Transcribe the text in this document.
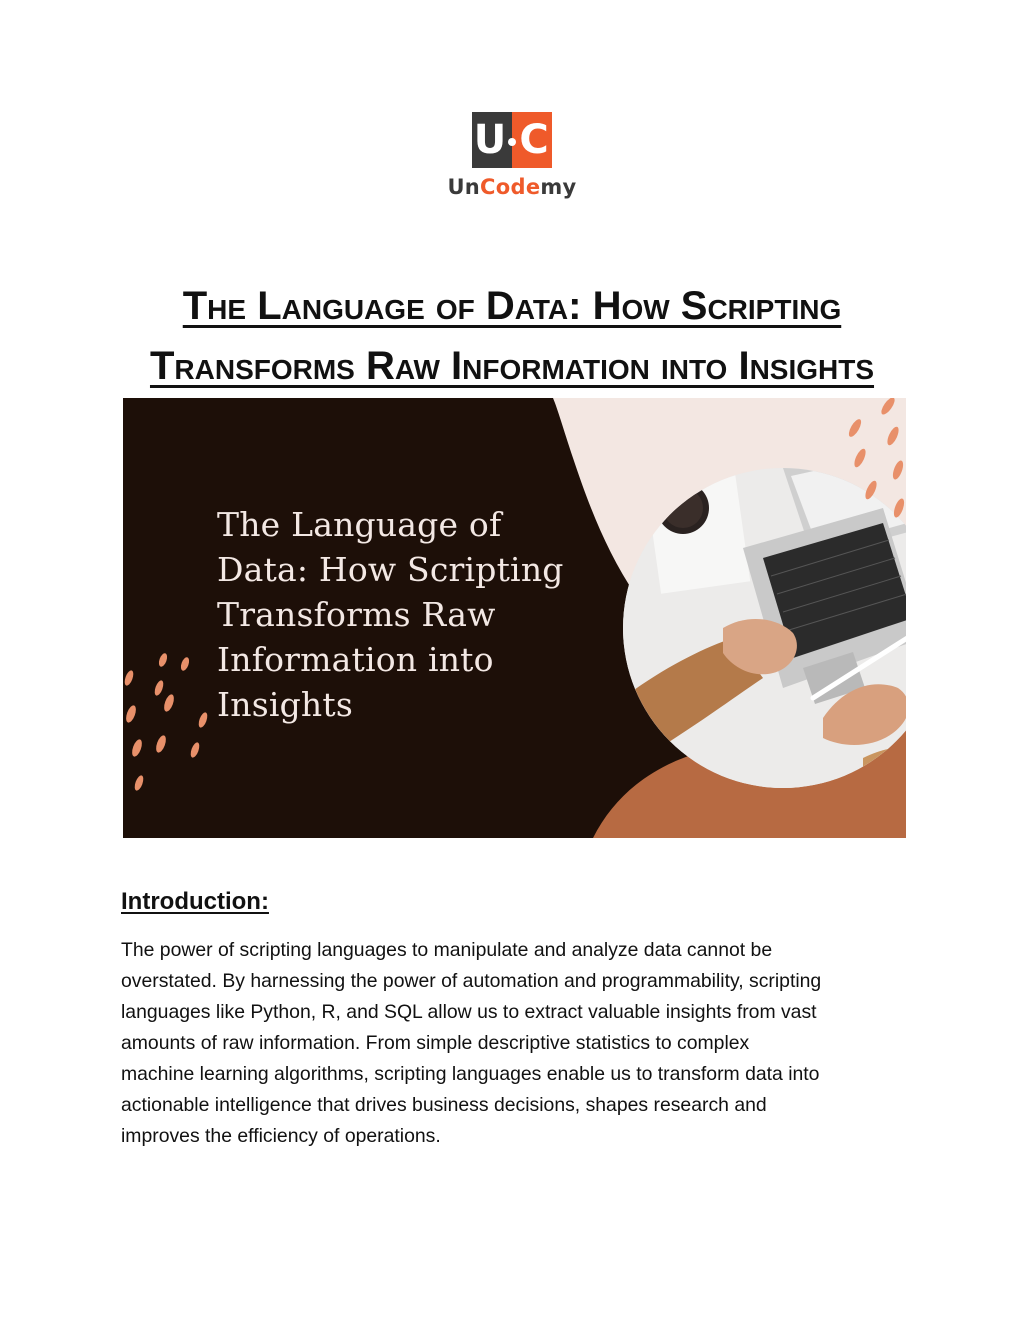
U C
UnCodemy
The Language of Data: How Scripting
Transforms Raw Information into Insights
The Language of
Data: How Scripting
Transforms Raw
Information into
Insights
Introduction:

The power of scripting languages to manipulate and analyze data cannot be
overstated. By harnessing the power of automation and programmability, scripting
languages like Python, R, and SQL allow us to extract valuable insights from vast
amounts of raw information. From simple descriptive statistics to complex
machine learning algorithms, scripting languages enable us to transform data into
actionable intelligence that drives business decisions, shapes research and
improves the efficiency of operations.
